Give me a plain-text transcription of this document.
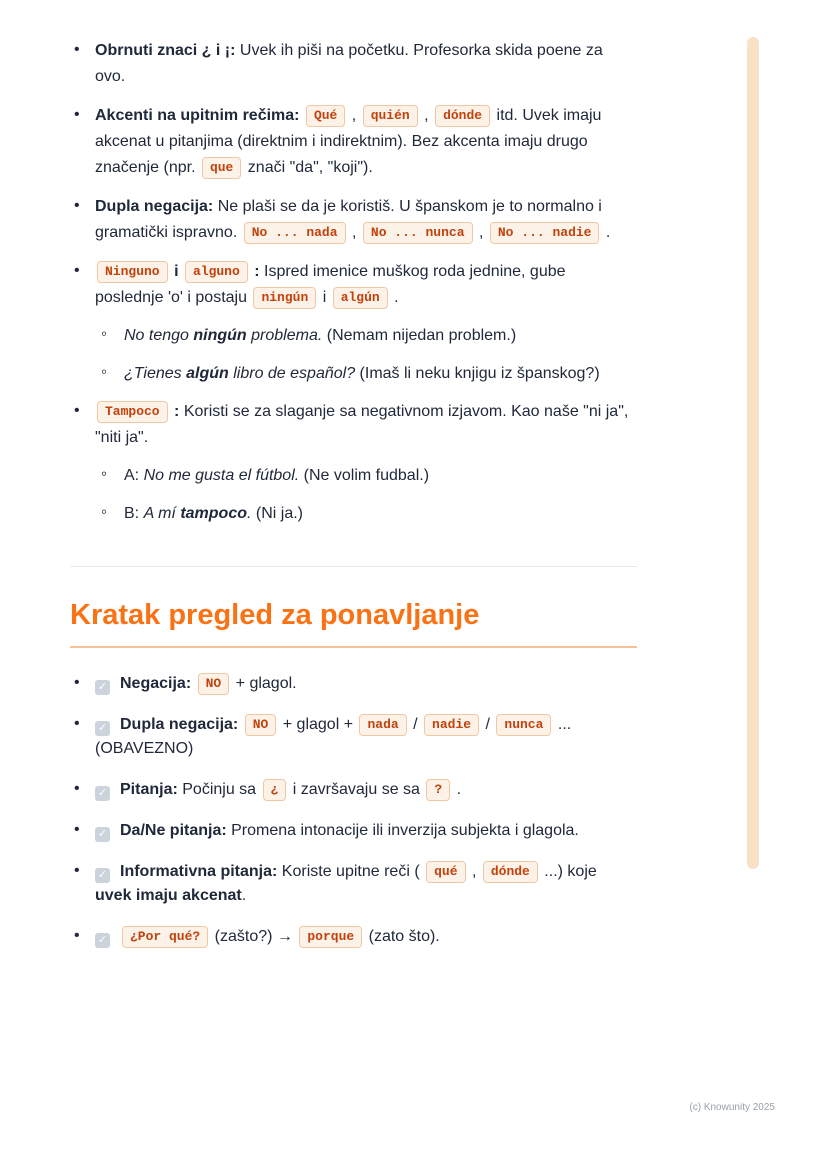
• Obrnuti znaci ¿ i ¡: Uvek ih piši na početku. Profesorka skida poene za ovo.
• Akcenti na upitnim rečima: Qué , quién , dónde itd. Uvek imaju akcenat u pitanjima (direktnim i indirektnim). Bez akcenta imaju drugo značenje (npr. que znači "da", "koji").
• Dupla negacija: Ne plaši se da je koristiš. U španskom je to normalno i gramatički ispravno. No ... nada , No ... nunca , No ... nadie .
• Ninguno i alguno : Ispred imenice muškog roda jednine, gube poslednje 'o' i postaju ningún i algún .
◦ No tengo ningún problema. (Nemam nijedan problem.)
◦ ¿Tienes algún libro de español? (Imaš li neku knjigu iz španskog?)
• Tampoco : Koristi se za slaganje sa negativnom izjavom. Kao naše "ni ja", "niti ja".
◦ A: No me gusta el fútbol. (Ne volim fudbal.)
◦ B: A mí tampoco. (Ni ja.)
Kratak pregled za ponavljanje
• ✓ Negacija: NO + glagol.
• ✓ Dupla negacija: NO + glagol + nada / nadie / nunca ...
(OBAVEZNO)
• ✓ Pitanja: Počinju sa ¿ i završavaju se sa ? .
• ✓ Da/Ne pitanja: Promena intonacije ili inverzija subjekta i glagola.
• ✓ Informativna pitanja: Koriste upitne reči ( qué , dónde ...) koje uvek imaju akcenat.
• ✓ ¿Por qué? (zašto?) → porque (zato što).
(c) Knowunity 2025
